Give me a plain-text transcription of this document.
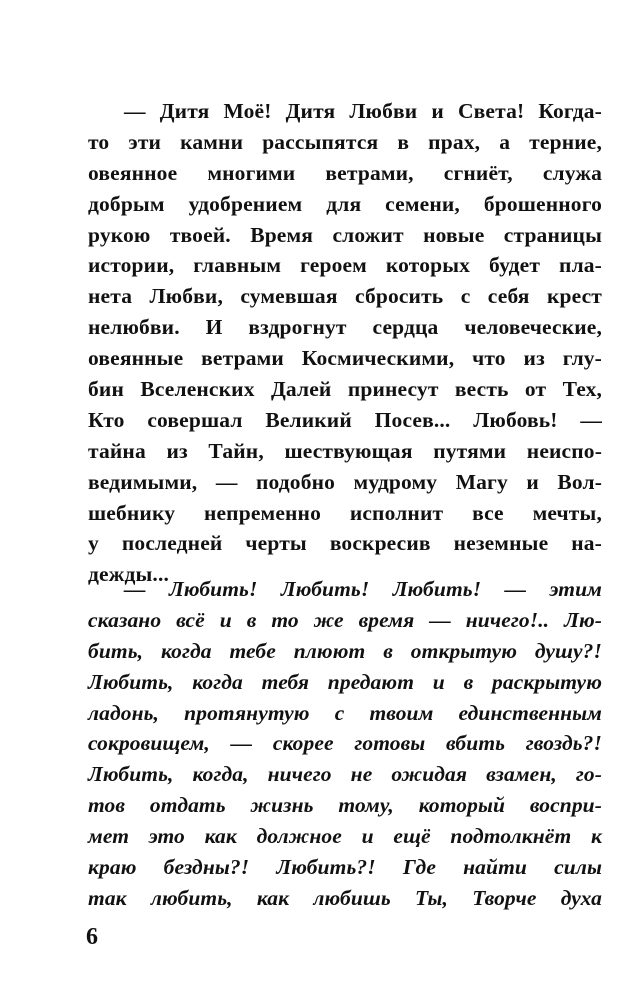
— Дитя Моё! Дитя Любви и Света! Когда-
то эти камни рассыпятся в прах, а терние,
овеянное многими ветрами, сгниёт, служа
добрым удобрением для семени, брошенного
рукою твоей. Время сложит новые страницы
истории, главным героем которых будет пла-
нета Любви, сумевшая сбросить с себя крест
нелюбви. И вздрогнут сердца человеческие,
овеянные ветрами Космическими, что из глу-
бин Вселенских Далей принесут весть от Тех,
Кто совершал Великий Посев... Любовь! —
тайна из Тайн, шествующая путями неиспо-
ведимыми, — подобно мудрому Магу и Вол-
шебнику непременно исполнит все мечты,
у последней черты воскресив неземные на-
дежды...
— Любить! Любить! Любить! — этим
сказано всё и в то же время — ничего!.. Лю-
бить, когда тебе плюют в открытую душу?!
Любить, когда тебя предают и в раскрытую
ладонь, протянутую с твоим единственным
сокровищем, — скорее готовы вбить гвоздь?!
Любить, когда, ничего не ожидая взамен, го-
тов отдать жизнь тому, который воспри-
мет это как должное и ещё подтолкнёт к
краю бездны?! Любить?! Где найти силы
так любить, как любишь Ты, Творче духа
6
